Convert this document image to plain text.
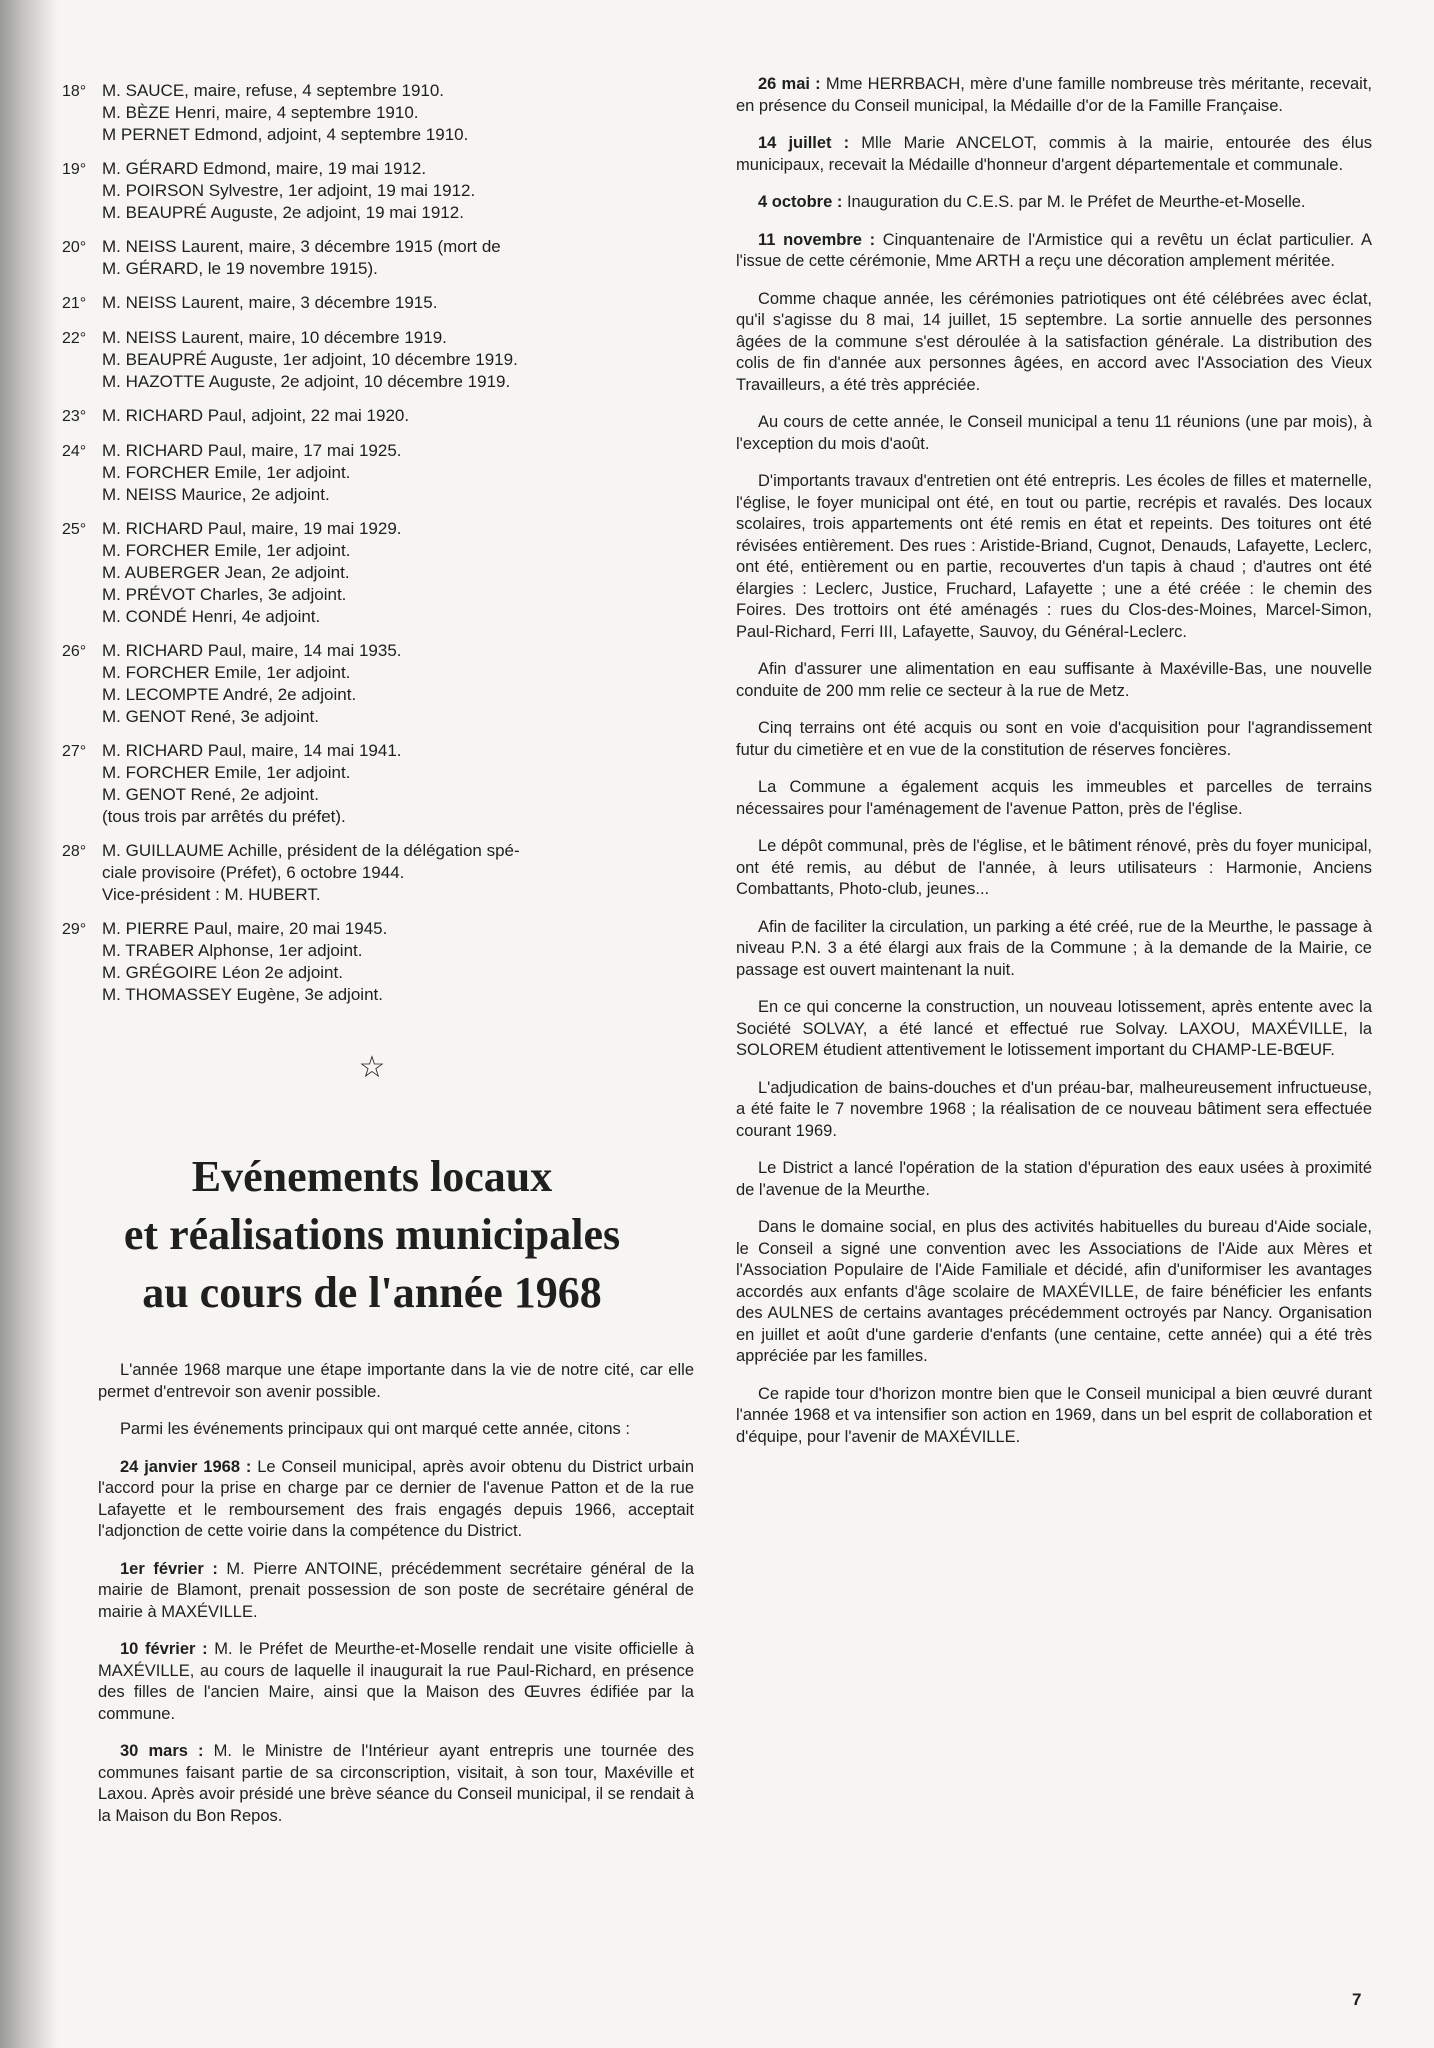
18° M. SAUCE, maire, refuse, 4 septembre 1910.
M. BÈZE Henri, maire, 4 septembre 1910.
M PERNET Edmond, adjoint, 4 septembre 1910.
19° M. GÉRARD Edmond, maire, 19 mai 1912.
M. POIRSON Sylvestre, 1er adjoint, 19 mai 1912.
M. BEAUPRÉ Auguste, 2e adjoint, 19 mai 1912.
20° M. NEISS Laurent, maire, 3 décembre 1915 (mort de
M. GÉRARD, le 19 novembre 1915).
21° M. NEISS Laurent, maire, 3 décembre 1915.
22° M. NEISS Laurent, maire, 10 décembre 1919.
M. BEAUPRÉ Auguste, 1er adjoint, 10 décembre 1919.
M. HAZOTTE Auguste, 2e adjoint, 10 décembre 1919.
23° M. RICHARD Paul, adjoint, 22 mai 1920.
24° M. RICHARD Paul, maire, 17 mai 1925.
M. FORCHER Emile, 1er adjoint.
M. NEISS Maurice, 2e adjoint.
25° M. RICHARD Paul, maire, 19 mai 1929.
M. FORCHER Emile, 1er adjoint.
M. AUBERGER Jean, 2e adjoint.
M. PRÉVOT Charles, 3e adjoint.
M. CONDÉ Henri, 4e adjoint.
26° M. RICHARD Paul, maire, 14 mai 1935.
M. FORCHER Emile, 1er adjoint.
M. LECOMPTE André, 2e adjoint.
M. GENOT René, 3e adjoint.
27° M. RICHARD Paul, maire, 14 mai 1941.
M. FORCHER Emile, 1er adjoint.
M. GENOT René, 2e adjoint.
(tous trois par arrêtés du préfet).
28° M. GUILLAUME Achille, président de la délégation spé-
ciale provisoire (Préfet), 6 octobre 1944.
Vice-président : M. HUBERT.
29° M. PIERRE Paul, maire, 20 mai 1945.
M. TRABER Alphonse, 1er adjoint.
M. GRÉGOIRE Léon 2e adjoint.
M. THOMASSEY Eugène, 3e adjoint.
☆
Evénements locaux
et réalisations municipales
au cours de l'année 1968

L'année 1968 marque une étape importante dans la vie de notre cité, car elle permet d'entrevoir son avenir possible.

Parmi les événements principaux qui ont marqué cette année, citons :

24 janvier 1968 : Le Conseil municipal, après avoir obtenu du District urbain l'accord pour la prise en charge par ce dernier de l'avenue Patton et de la rue Lafayette et le remboursement des frais engagés depuis 1966, acceptait l'adjonction de cette voirie dans la compétence du District.

1er février : M. Pierre ANTOINE, précédemment secrétaire général de la mairie de Blamont, prenait possession de son poste de secrétaire général de mairie à MAXÉVILLE.

10 février : M. le Préfet de Meurthe-et-Moselle rendait une visite officielle à MAXÉVILLE, au cours de laquelle il inaugurait la rue Paul-Richard, en présence des filles de l'ancien Maire, ainsi que la Maison des Œuvres édifiée par la commune.

30 mars : M. le Ministre de l'Intérieur ayant entrepris une tournée des communes faisant partie de sa circonscription, visitait, à son tour, Maxéville et Laxou. Après avoir présidé une brève séance du Conseil municipal, il se rendait à la Maison du Bon Repos.

26 mai : Mme HERRBACH, mère d'une famille nombreuse très méritante, recevait, en présence du Conseil municipal, la Médaille d'or de la Famille Française.

14 juillet : Mlle Marie ANCELOT, commis à la mairie, entourée des élus municipaux, recevait la Médaille d'honneur d'argent départementale et communale.

4 octobre : Inauguration du C.E.S. par M. le Préfet de Meurthe-et-Moselle.

11 novembre : Cinquantenaire de l'Armistice qui a revêtu un éclat particulier. A l'issue de cette cérémonie, Mme ARTH a reçu une décoration amplement méritée.

Comme chaque année, les cérémonies patriotiques ont été célébrées avec éclat, qu'il s'agisse du 8 mai, 14 juillet, 15 septembre. La sortie annuelle des personnes âgées de la commune s'est déroulée à la satisfaction générale. La distribution des colis de fin d'année aux personnes âgées, en accord avec l'Association des Vieux Travailleurs, a été très appréciée.

Au cours de cette année, le Conseil municipal a tenu 11 réunions (une par mois), à l'exception du mois d'août.

D'importants travaux d'entretien ont été entrepris. Les écoles de filles et maternelle, l'église, le foyer municipal ont été, en tout ou partie, recrépis et ravalés. Des locaux scolaires, trois appartements ont été remis en état et repeints. Des toitures ont été révisées entièrement. Des rues : Aristide-Briand, Cugnot, Denauds, Lafayette, Leclerc, ont été, entièrement ou en partie, recouvertes d'un tapis à chaud ; d'autres ont été élargies : Leclerc, Justice, Fruchard, Lafayette ; une a été créée : le chemin des Foires. Des trottoirs ont été aménagés : rues du Clos-des-Moines, Marcel-Simon, Paul-Richard, Ferri III, Lafayette, Sauvoy, du Général-Leclerc.

Afin d'assurer une alimentation en eau suffisante à Maxéville-Bas, une nouvelle conduite de 200 mm relie ce secteur à la rue de Metz.

Cinq terrains ont été acquis ou sont en voie d'acquisition pour l'agrandissement futur du cimetière et en vue de la constitution de réserves foncières.

La Commune a également acquis les immeubles et parcelles de terrains nécessaires pour l'aménagement de l'avenue Patton, près de l'église.

Le dépôt communal, près de l'église, et le bâtiment rénové, près du foyer municipal, ont été remis, au début de l'année, à leurs utilisateurs : Harmonie, Anciens Combattants, Photo-club, jeunes...

Afin de faciliter la circulation, un parking a été créé, rue de la Meurthe, le passage à niveau P.N. 3 a été élargi aux frais de la Commune ; à la demande de la Mairie, ce passage est ouvert maintenant la nuit.

En ce qui concerne la construction, un nouveau lotissement, après entente avec la Société SOLVAY, a été lancé et effectué rue Solvay. LAXOU, MAXÉVILLE, la SOLOREM étudient attentivement le lotissement important du CHAMP-LE-BŒUF.

L'adjudication de bains-douches et d'un préau-bar, malheureusement infructueuse, a été faite le 7 novembre 1968 ; la réalisation de ce nouveau bâtiment sera effectuée courant 1969.

Le District a lancé l'opération de la station d'épuration des eaux usées à proximité de l'avenue de la Meurthe.

Dans le domaine social, en plus des activités habituelles du bureau d'Aide sociale, le Conseil a signé une convention avec les Associations de l'Aide aux Mères et l'Association Populaire de l'Aide Familiale et décidé, afin d'uniformiser les avantages accordés aux enfants d'âge scolaire de MAXÉVILLE, de faire bénéficier les enfants des AULNES de certains avantages précédemment octroyés par Nancy. Organisation en juillet et août d'une garderie d'enfants (une centaine, cette année) qui a été très appréciée par les familles.

Ce rapide tour d'horizon montre bien que le Conseil municipal a bien œuvré durant l'année 1968 et va intensifier son action en 1969, dans un bel esprit de collaboration et d'équipe, pour l'avenir de MAXÉVILLE.

7
